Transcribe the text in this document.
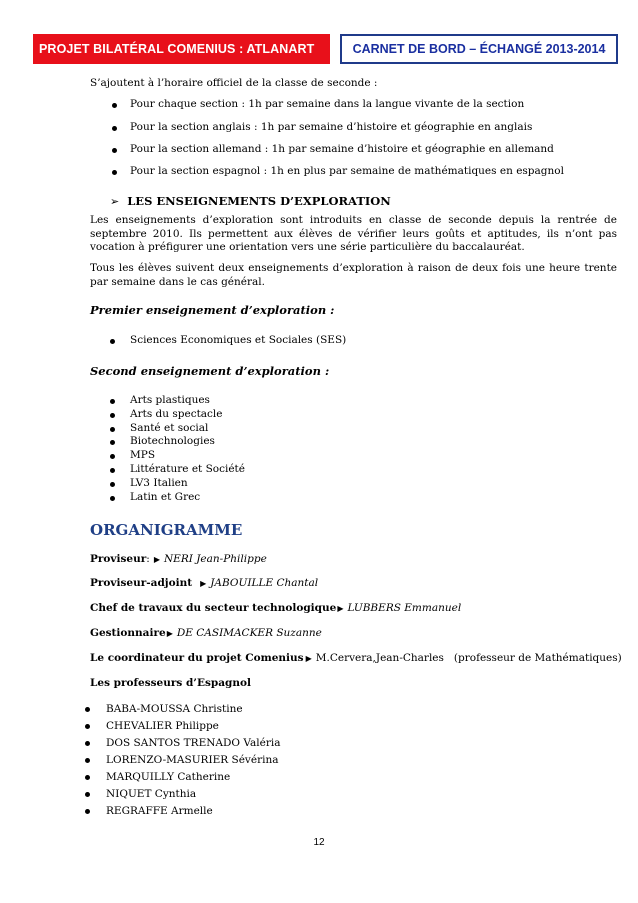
PROJET BILATÉRAL COMENIUS : ATLANART	CARNET DE BORD – ÉCHANGÉ 2013-2014
S’ajoutent à l’horaire officiel de la classe de seconde :
Pour chaque section : 1h par semaine dans la langue vivante de la section
Pour la section anglais : 1h par semaine d’histoire et géographie en anglais
Pour la section allemand : 1h par semaine d’histoire et géographie en allemand
Pour la section espagnol : 1h en plus par semaine de mathématiques en espagnol
➢ LES ENSEIGNEMENTS D’EXPLORATION
Les enseignements d’exploration sont introduits en classe de seconde depuis la rentrée de septembre 2010. Ils permettent aux élèves de vérifier leurs goûts et aptitudes, ils n’ont pas vocation à préfigurer une orientation vers une série particulière du baccalauréat.
Tous les élèves suivent deux enseignements d’exploration à raison de deux fois une heure trente par semaine dans le cas général.
Premier enseignement d’exploration :
Sciences Economiques et Sociales (SES)
Second enseignement d’exploration :
Arts plastiques
Arts du spectacle
Santé et social
Biotechnologies
MPS
Littérature et Société
LV3 Italien
Latin et Grec
ORGANIGRAMME
Proviseur : ▶ NERI Jean-Philippe
Proviseur-adjoint ▶ JABOUILLE Chantal
Chef de travaux du secteur technologique ▶ LUBBERS Emmanuel
Gestionnaire ▶ DE CASIMACKER Suzanne
Le coordinateur du projet Comenius ▶ M.Cervera,Jean-Charles   (professeur de Mathématiques)
Les professeurs d’Espagnol
BABA-MOUSSA Christine
CHEVALIER Philippe
DOS SANTOS TRENADO Valéria
LORENZO-MASURIER Sévérina
MARQUILLY Catherine
NIQUET Cynthia
REGRAFFE Armelle
12
